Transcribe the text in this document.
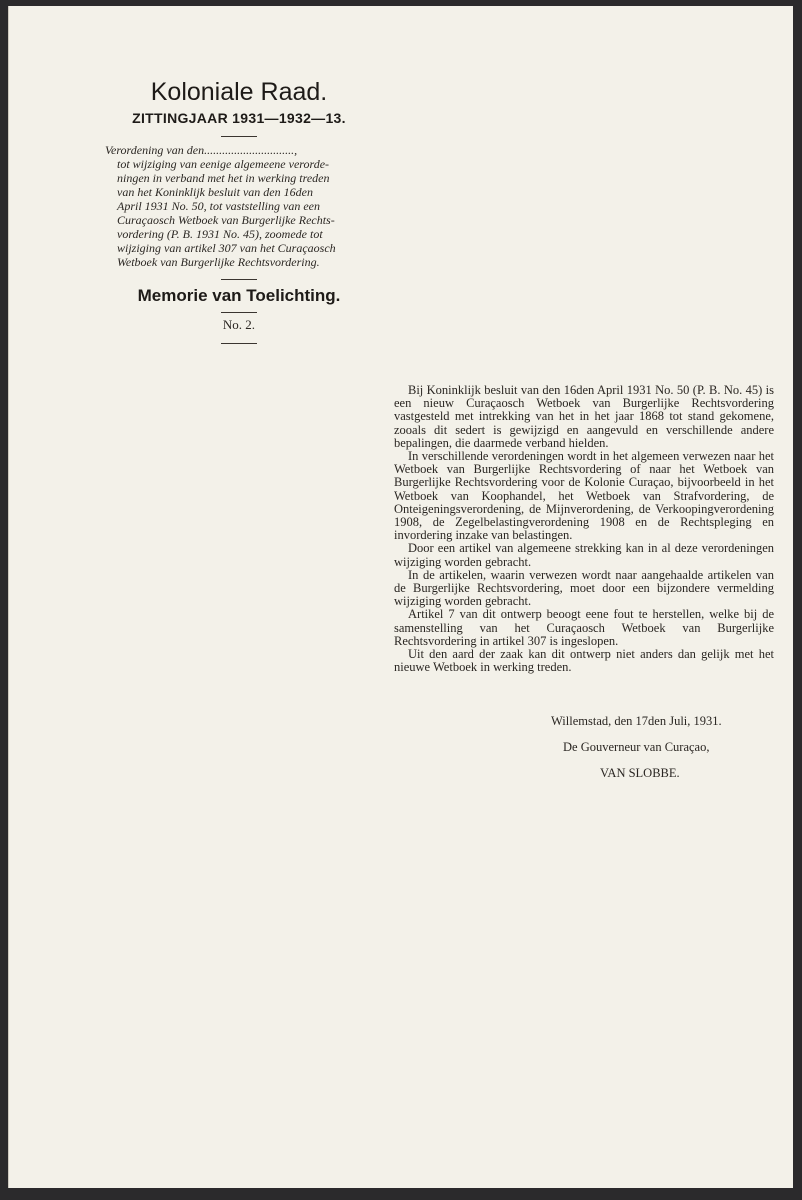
Koloniale Raad.
ZITTINGJAAR 1931—1932—13.
Verordening van den..............................,
tot wijziging van eenige algemeene verorde-
ningen in verband met het in werking treden
van het Koninklijk besluit van den 16den
April 1931 No. 50, tot vaststelling van een
Curaçaosch Wetboek van Burgerlijke Rechts-
vordering (P. B. 1931 No. 45), zoomede tot
wijziging van artikel 307 van het Curaçaosch
Wetboek van Burgerlijke Rechtsvordering.
Memorie van Toelichting.
No. 2.

Bij Koninklijk besluit van den 16den April 1931 No. 50 (P. B. No. 45) is een nieuw Curaçaosch Wetboek van Burgerlijke Rechtsvordering vastgesteld met intrekking van het in het jaar 1868 tot stand gekomene, zooals dit sedert is gewijzigd en aangevuld en verschillende andere bepalingen, die daarmede verband hielden.

In verschillende verordeningen wordt in het algemeen verwezen naar het Wetboek van Burgerlijke Rechtsvordering of naar het Wetboek van Burgerlijke Rechtsvordering voor de Kolonie Curaçao, bijvoorbeeld in het Wetboek van Koophandel, het Wetboek van Strafvordering, de Onteigeningsverordening, de Mijnverordening, de Verkoopingverordening 1908, de Zegelbelastingverordening 1908 en de Rechtspleging en invordering inzake van belastingen.

Door een artikel van algemeene strekking kan in al deze verordeningen wijziging worden gebracht.

In de artikelen, waarin verwezen wordt naar aangehaalde artikelen van de Burgerlijke Rechtsvordering, moet door een bijzondere vermelding wijziging worden gebracht.

Artikel 7 van dit ontwerp beoogt eene fout te herstellen, welke bij de samenstelling van het Curaçaosch Wetboek van Burgerlijke Rechtsvordering in artikel 307 is ingeslopen.

Uit den aard der zaak kan dit ontwerp niet anders dan gelijk met het nieuwe Wetboek in werking treden.

Willemstad, den 17den Juli, 1931.
De Gouverneur van Curaçao,
VAN SLOBBE.
